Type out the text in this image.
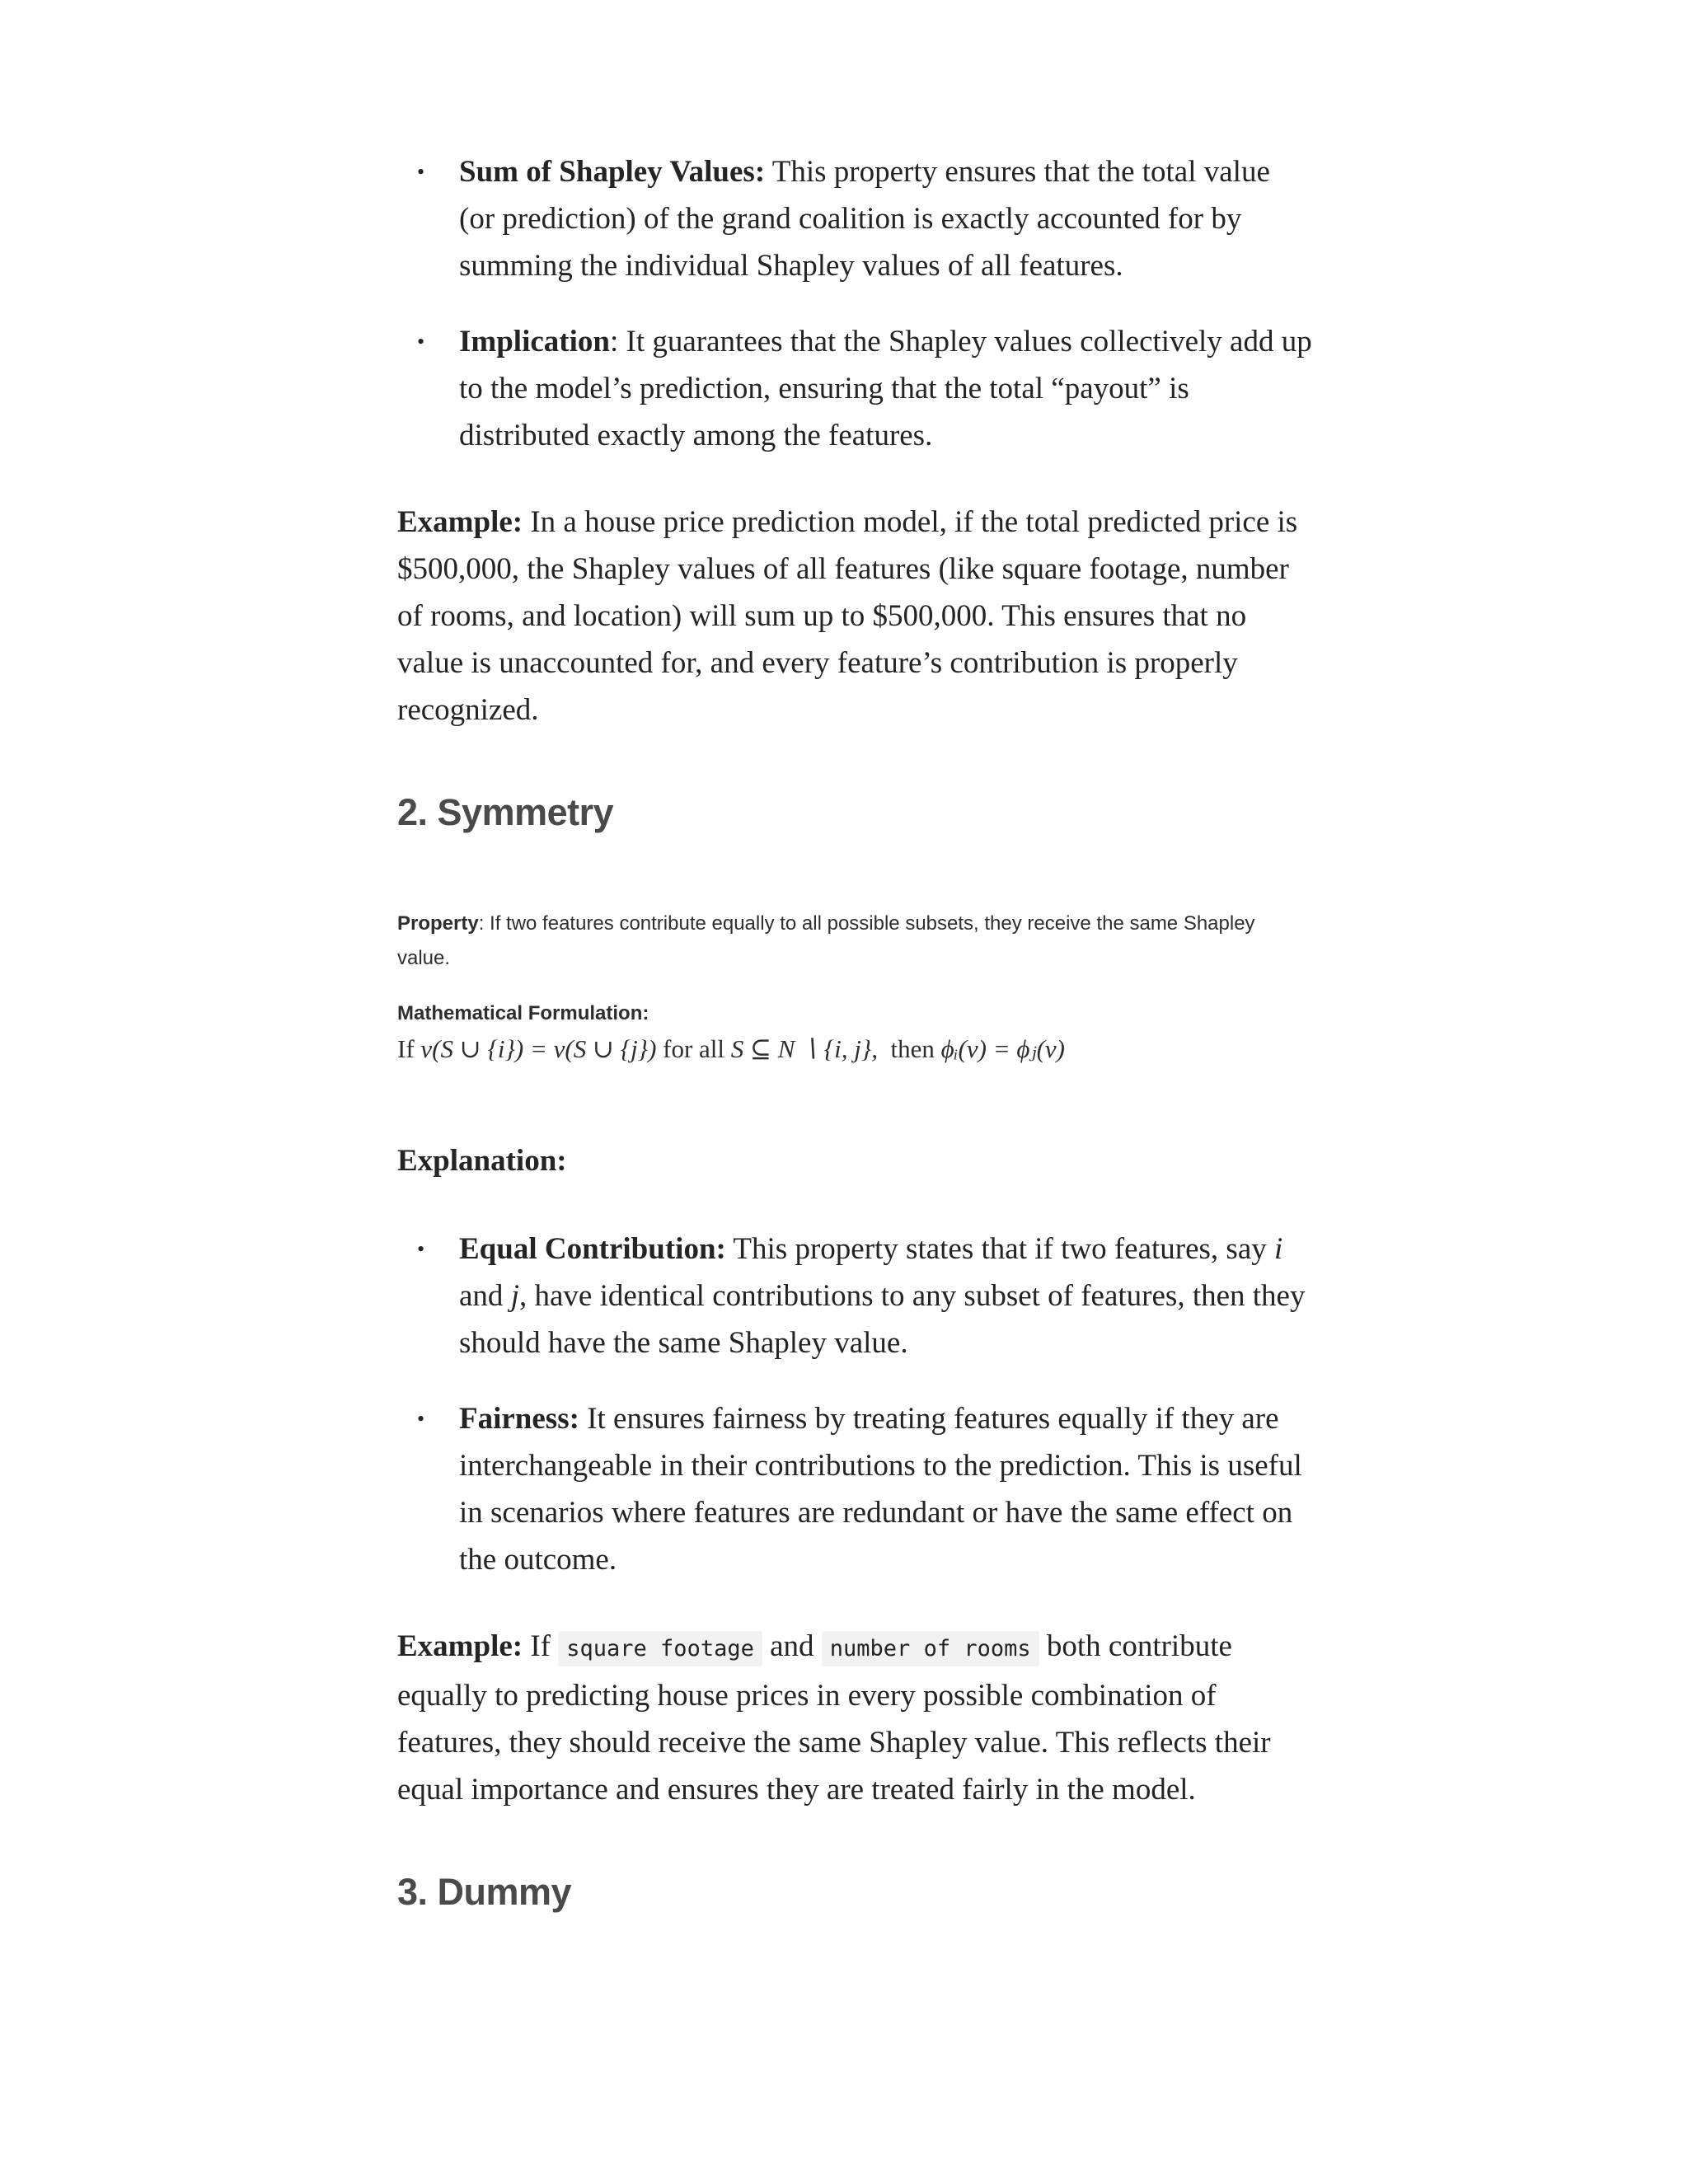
• Sum of Shapley Values: This property ensures that the total value (or prediction) of the grand coalition is exactly accounted for by summing the individual Shapley values of all features.
• Implication: It guarantees that the Shapley values collectively add up to the model’s prediction, ensuring that the total “payout” is distributed exactly among the features.

Example: In a house price prediction model, if the total predicted price is $500,000, the Shapley values of all features (like square footage, number of rooms, and location) will sum up to $500,000. This ensures that no value is unaccounted for, and every feature’s contribution is properly recognized.

2. Symmetry
Property: If two features contribute equally to all possible subsets, they receive the same Shapley value.
Mathematical Formulation:
If v(S ∪ {i}) = v(S ∪ {j}) for all S ⊆ N ∖ {i, j},  then ϕᵢ(v) = ϕⱼ(v)

Explanation:

• Equal Contribution: This property states that if two features, say i and j, have identical contributions to any subset of features, then they should have the same Shapley value.
• Fairness: It ensures fairness by treating features equally if they are interchangeable in their contributions to the prediction. This is useful in scenarios where features are redundant or have the same effect on the outcome.

Example: If square footage and number of rooms both contribute equally to predicting house prices in every possible combination of features, they should receive the same Shapley value. This reflects their equal importance and ensures they are treated fairly in the model.

3. Dummy
